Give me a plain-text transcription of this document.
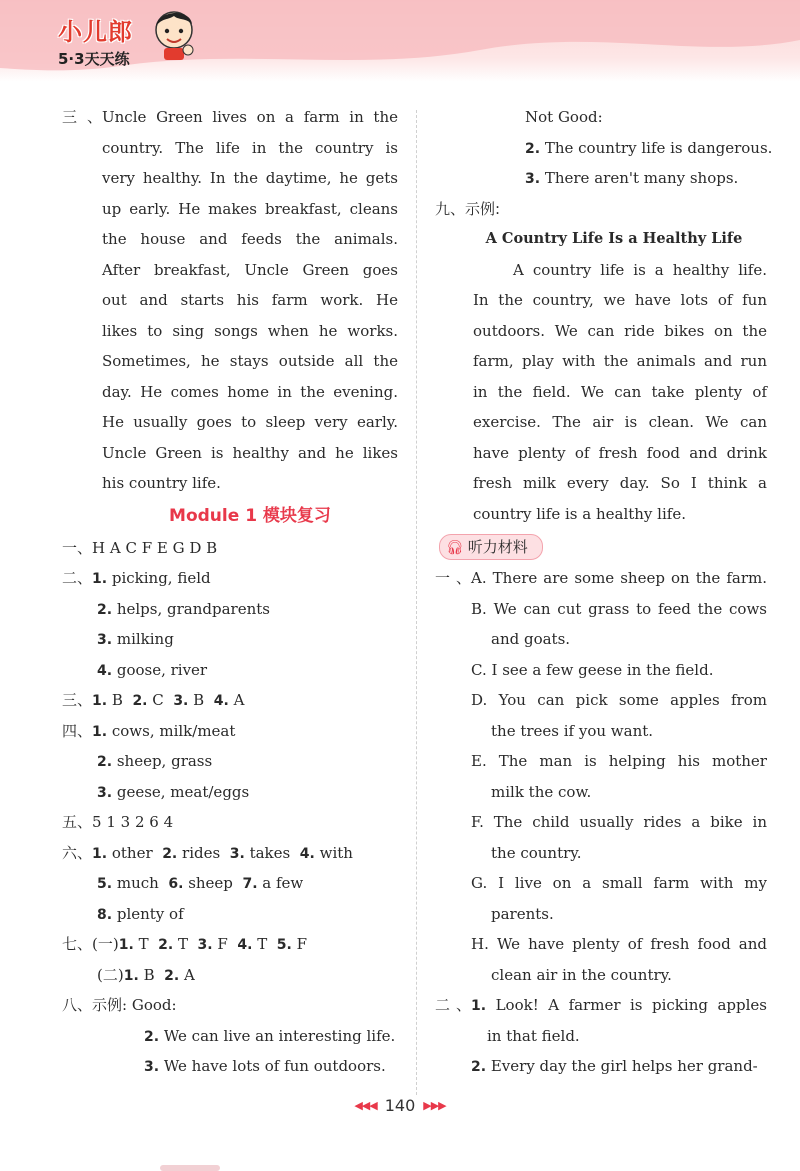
小儿郎
5·3天天练
三、Uncle Green lives on a farm in the
country. The life in the country is
very healthy. In the daytime, he gets
up early. He makes breakfast, cleans
the house and feeds the animals.
After breakfast, Uncle Green goes
out and starts his farm work. He
likes to sing songs when he works.
Sometimes, he stays outside all the
day. He comes home in the evening.
He usually goes to sleep very early.
Uncle Green is healthy and he likes
his country life.
Module 1 模块复习
一、H A C F E G D B
二、1. picking, field
2. helps, grandparents
3. milking
4. goose, river
三、1. B 2. C 3. B 4. A
四、1. cows, milk/meat
2. sheep, grass
3. geese, meat/eggs
五、5 1 3 2 6 4
六、1. other 2. rides 3. takes 4. with
5. much 6. sheep 7. a few
8. plenty of
七、(一)1. T 2. T 3. F 4. T 5. F
(二)1. B 2. A
八、示例: Good:
2. We can live an interesting life.
3. We have lots of fun outdoors.
Not Good:
2. The country life is dangerous.
3. There aren't many shops.
九、示例:
A Country Life Is a Healthy Life
A country life is a healthy life.
In the country, we have lots of fun
outdoors. We can ride bikes on the
farm, play with the animals and run
in the field. We can take plenty of
exercise. The air is clean. We can
have plenty of fresh food and drink
fresh milk every day. So I think a
country life is a healthy life.
🎧︎ 听力材料
一、A. There are some sheep on the farm.
B. We can cut grass to feed the cows
and goats.
C. I see a few geese in the field.
D. You can pick some apples from
the trees if you want.
E. The man is helping his mother
milk the cow.
F. The child usually rides a bike in
the country.
G. I live on a small farm with my
parents.
H. We have plenty of fresh food and
clean air in the country.
二、1. Look! A farmer is picking apples
in that field.
2. Every day the girl helps her grand-
◀◀◀ 140 ▶▶▶
